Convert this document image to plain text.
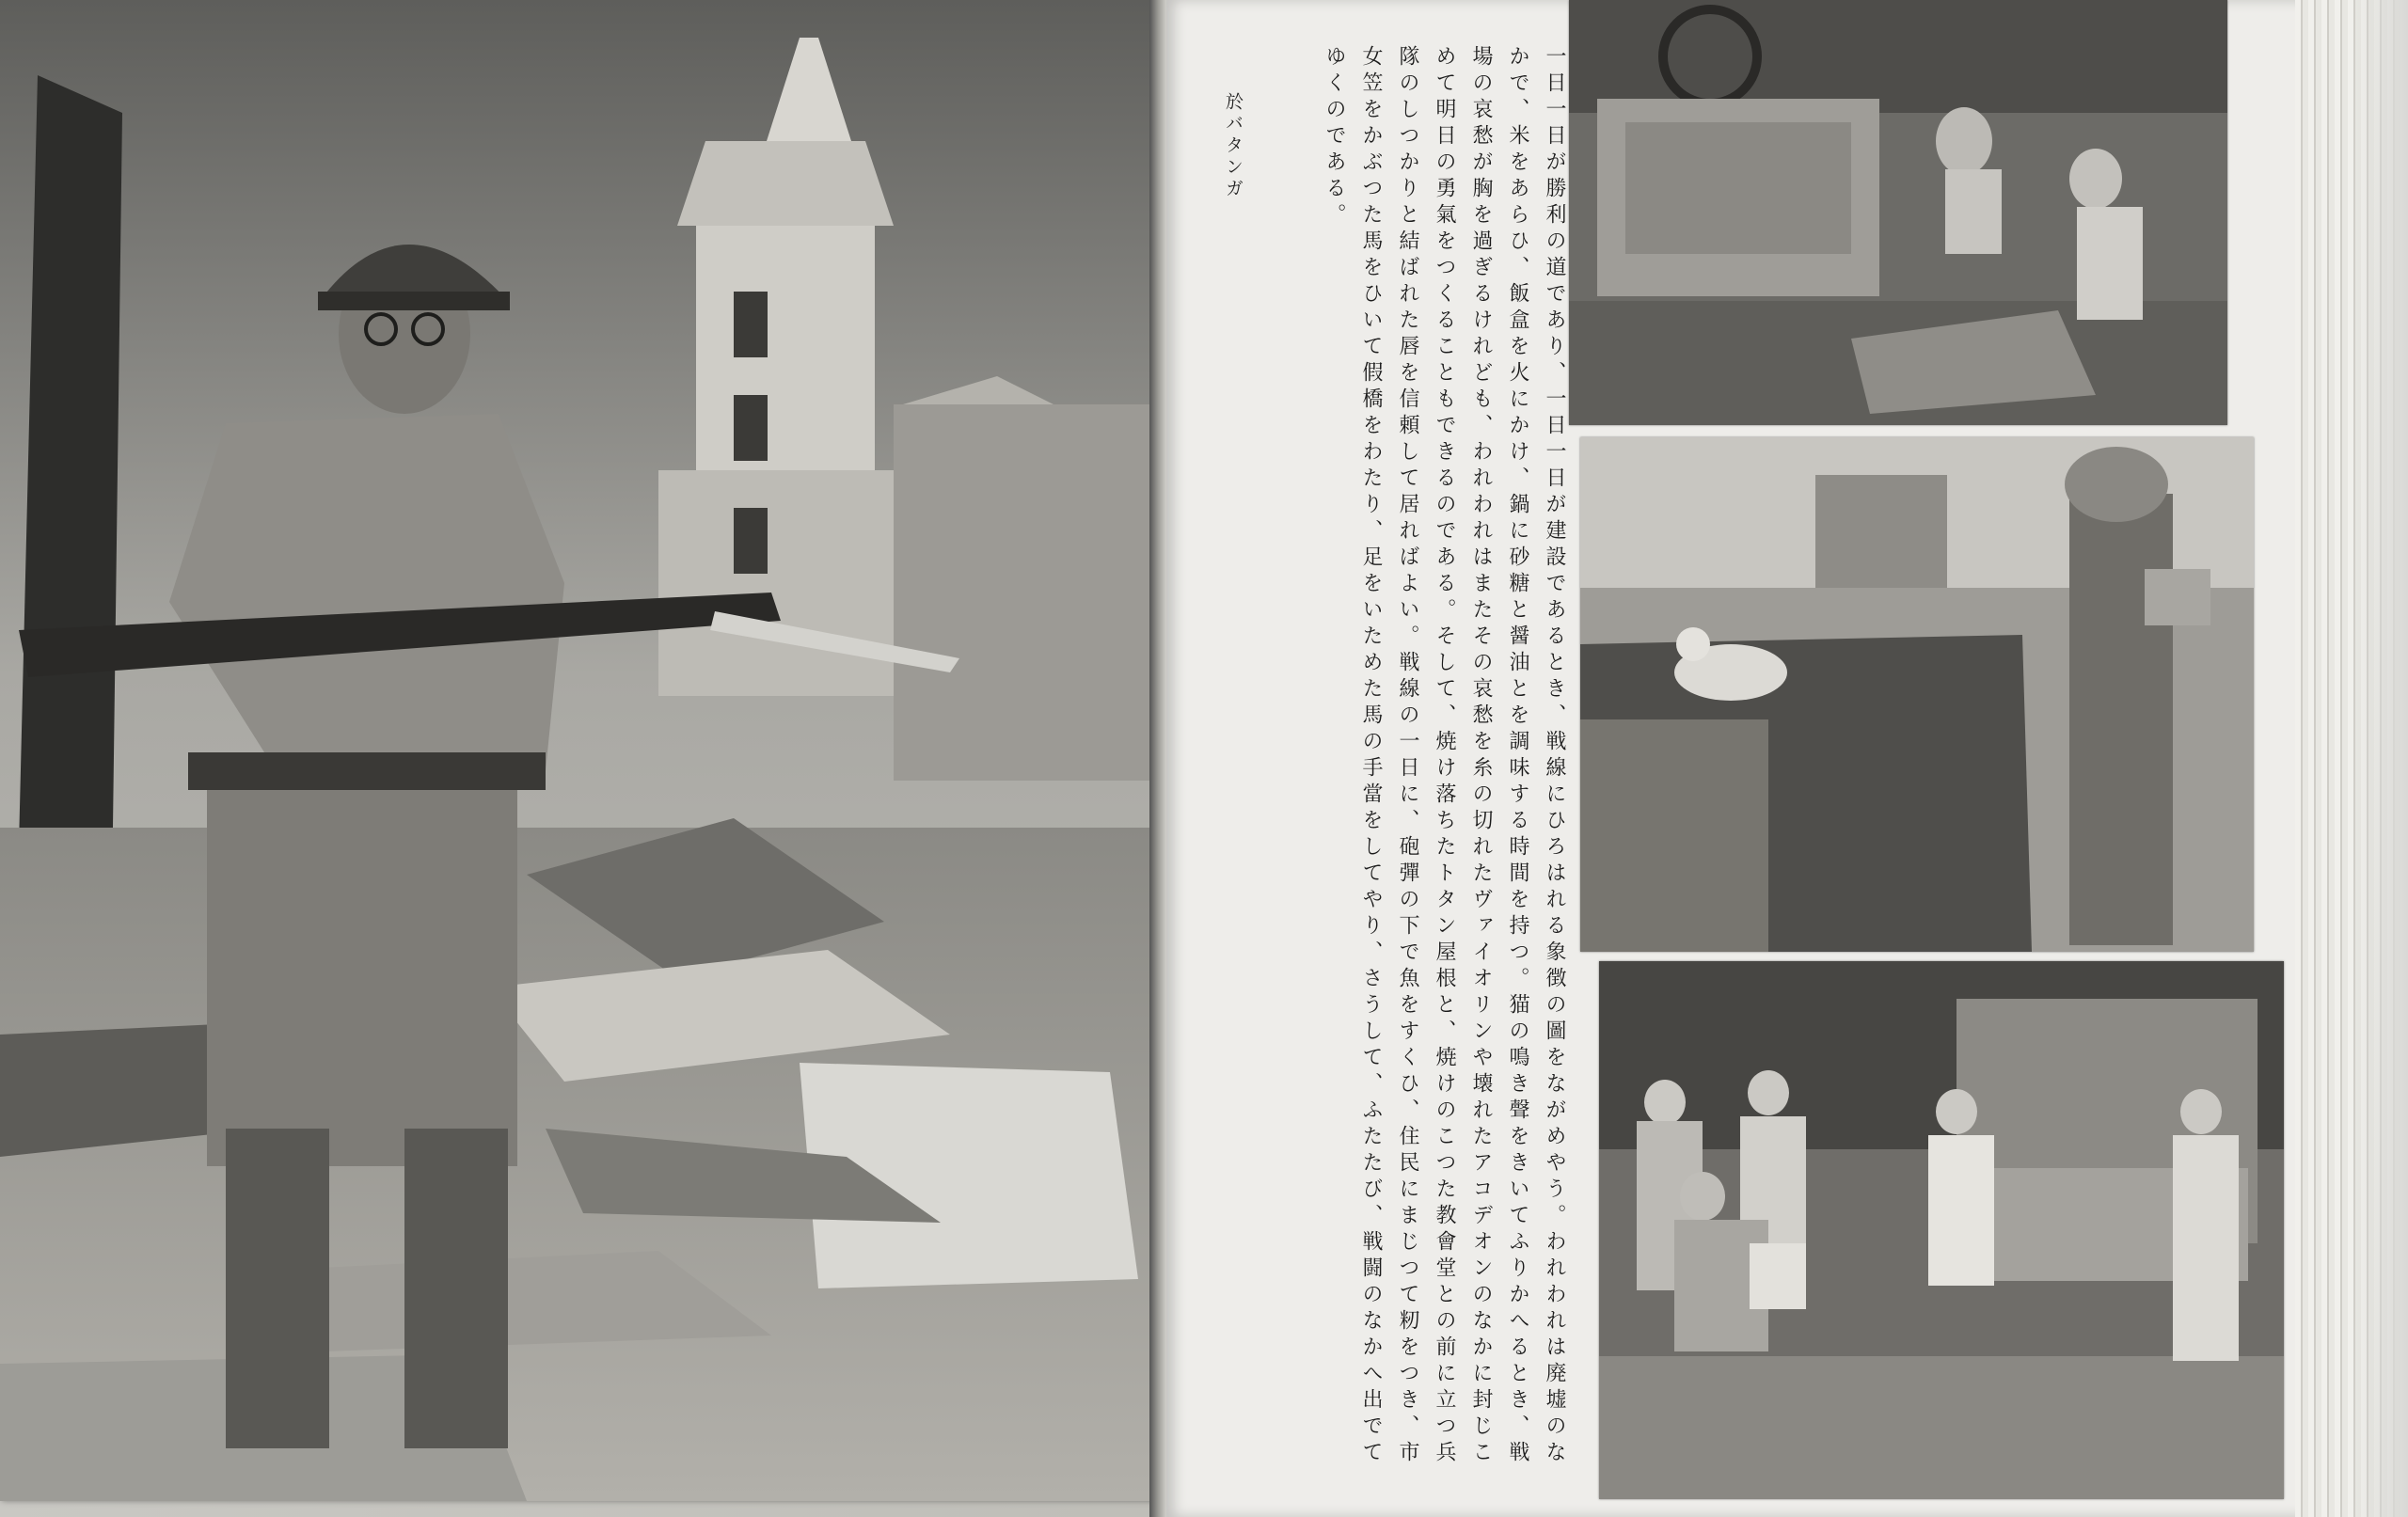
一日一日が勝利の道であり、一日一日が建設であるとき、戦線にひろはれる象徴の圖をながめやう。われわれは廃墟のなかで、米をあらひ、飯盒を火にかけ、鍋に砂糖と醤油とを調味する時間を持つ。猫の鳴き聲をきいてふりかへるとき、戦場の哀愁が胸を過ぎるけれども、われわれはまたその哀愁を糸の切れたヴァイオリンや壊れたアコデオンのなかに封じこめて明日の勇氣をつくることもできるのである。そして、焼け落ちたトタン屋根と、焼けのこつた教會堂との前に立つ兵隊のしつかりと結ばれた唇を信頼して居ればよい。戦線の一日に、砲彈の下で魚をすくひ、住民にまじつて籾をつき、市女笠をかぶつた馬をひいて假橋をわたり、足をいためた馬の手當をしてやり、さうして、ふたたび、戦闘のなかへ出でてゆくのである。

於バタンガ
